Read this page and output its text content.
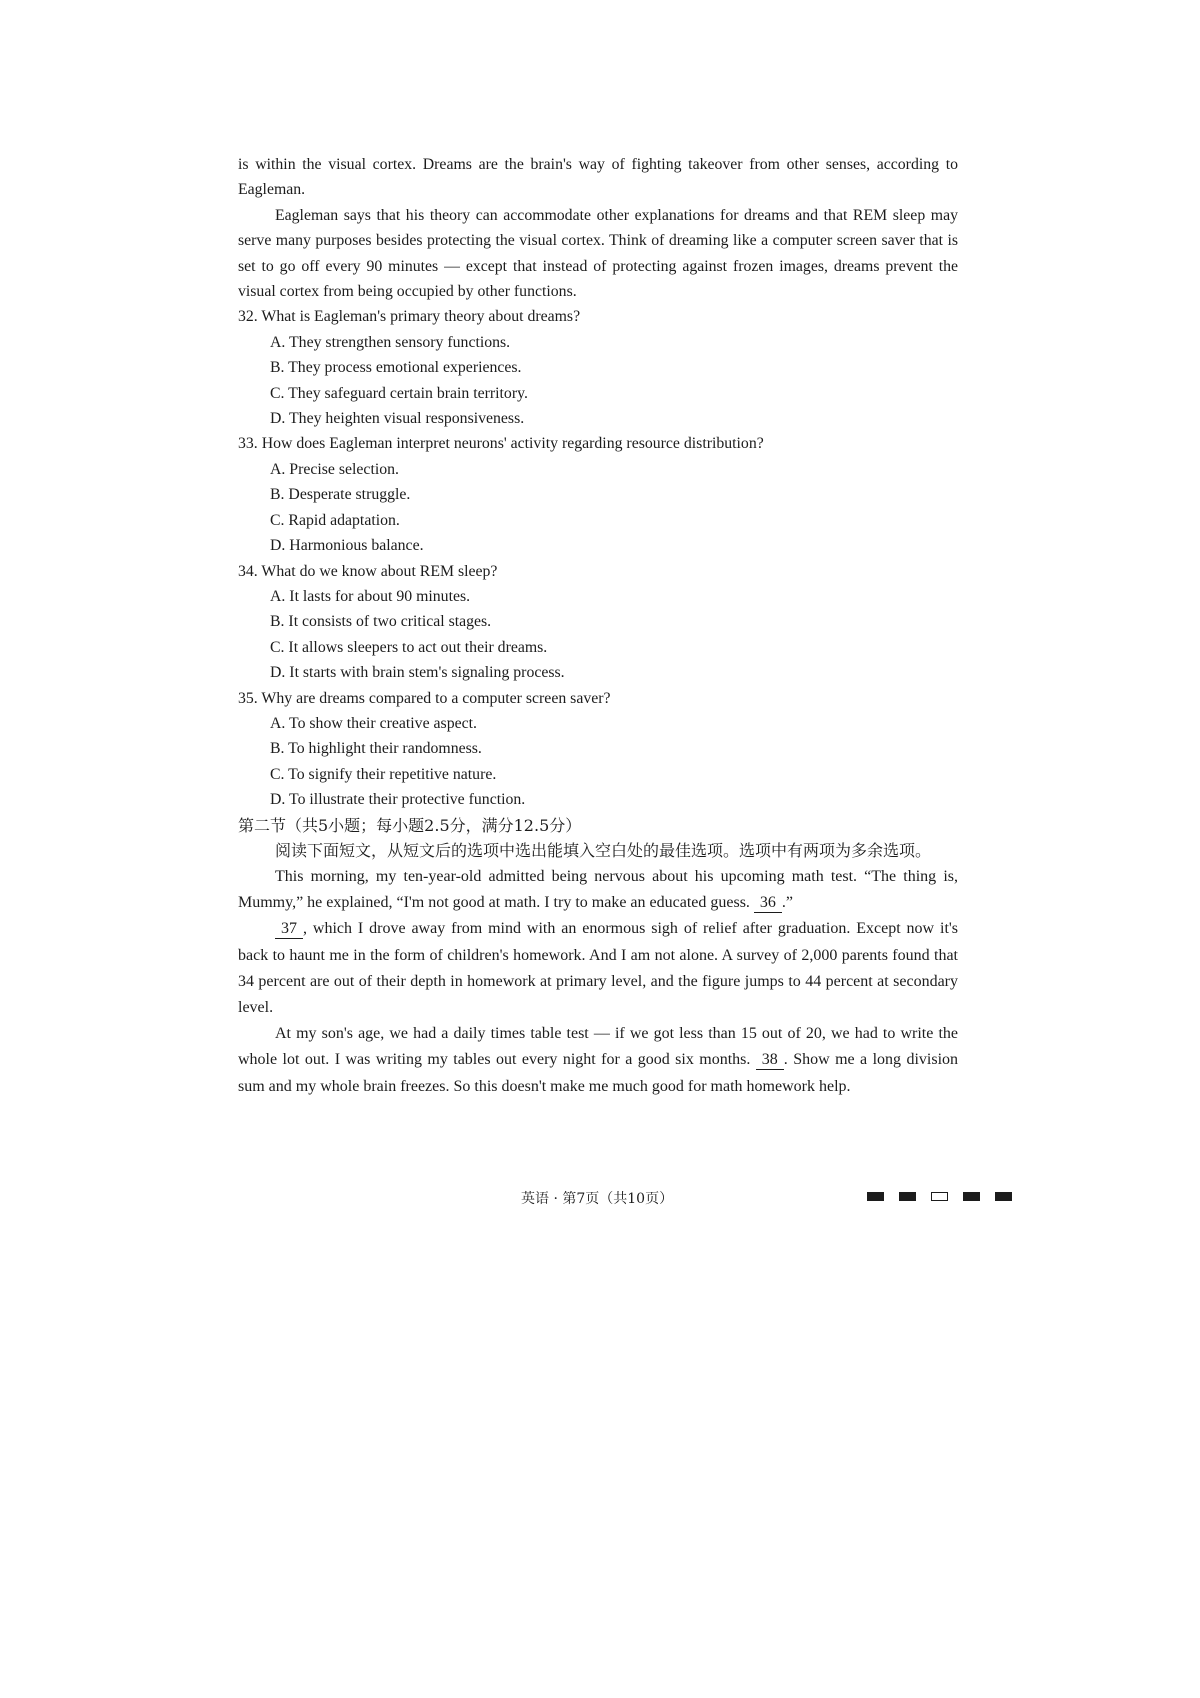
is within the visual cortex. Dreams are the brain's way of fighting takeover from other senses, according to Eagleman.

Eagleman says that his theory can accommodate other explanations for dreams and that REM sleep may serve many purposes besides protecting the visual cortex. Think of dreaming like a computer screen saver that is set to go off every 90 minutes — except that instead of protecting against frozen images, dreams prevent the visual cortex from being occupied by other functions.

32. What is Eagleman's primary theory about dreams?

A. They strengthen sensory functions.

B. They process emotional experiences.

C. They safeguard certain brain territory.

D. They heighten visual responsiveness.

33. How does Eagleman interpret neurons' activity regarding resource distribution?

A. Precise selection.

B. Desperate struggle.

C. Rapid adaptation.

D. Harmonious balance.

34. What do we know about REM sleep?

A. It lasts for about 90 minutes.

B. It consists of two critical stages.

C. It allows sleepers to act out their dreams.

D. It starts with brain stem's signaling process.

35. Why are dreams compared to a computer screen saver?

A. To show their creative aspect.

B. To highlight their randomness.

C. To signify their repetitive nature.

D. To illustrate their protective function.

第二节（共5小题；每小题2.5分，满分12.5分）

阅读下面短文，从短文后的选项中选出能填入空白处的最佳选项。选项中有两项为多余选项。

This morning, my ten-year-old admitted being nervous about his upcoming math test. “The thing is, Mummy,” he explained, “I'm not good at math. I try to make an educated guess. 36 .”

37 , which I drove away from mind with an enormous sigh of relief after graduation. Except now it's back to haunt me in the form of children's homework. And I am not alone. A survey of 2,000 parents found that 34 percent are out of their depth in homework at primary level, and the figure jumps to 44 percent at secondary level.

At my son's age, we had a daily times table test — if we got less than 15 out of 20, we had to write the whole lot out. I was writing my tables out every night for a good six months. 38 . Show me a long division sum and my whole brain freezes. So this doesn't make me much good for math homework help.

英语 · 第7页（共10页）
